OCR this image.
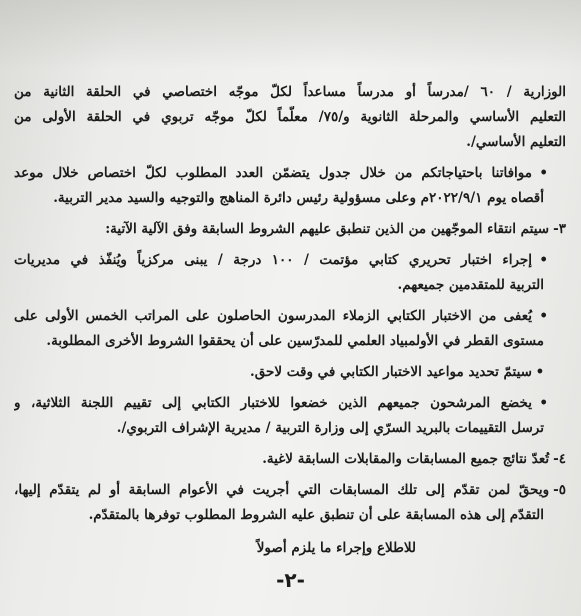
الوزارية / ٦٠ /مدرساً أو مدرساً مساعداً لكلّ موجّه اختصاصي في الحلقة الثانية من
التعليم الأساسي والمرحلة الثانوية و/٧٥/ معلّماً لكلّ موجّه تربوي في الحلقة الأولى من
التعليم الأساسي/.
•موافاتنا باحتياجاتكم من خلال جدول يتضمّن العدد المطلوب لكلّ اختصاص خلال موعد
أقصاه يوم ٢٠٢٢/٩/١م وعلى مسؤولية رئيس دائرة المناهج والتوجيه والسيد مدير التربية.
٣-سيتم انتقاء الموجّهين من الذين تنطبق عليهم الشروط السابقة وفق الآلية الآتية:
•إجراء اختبار تحريري كتابي مؤتمت / ١٠٠ درجة / يبنى مركزياً ويُنفّذ في مديريات
التربية للمتقدمين جميعهم.
•يُعفى من الاختبار الكتابي الزملاء المدرسون الحاصلون على المراتب الخمس الأولى على
مستوى القطر في الأولمبياد العلمي للمدرّسين على أن يحققوا الشروط الأخرى المطلوبة.
•سيتمّ تحديد مواعيد الاختبار الكتابي في وقت لاحق.
•يخضع المرشحون جميعهم الذين خضعوا للاختبار الكتابي إلى تقييم اللجنة الثلاثية، و
ترسل التقييمات بالبريد السرّي إلى وزارة التربية / مديرية الإشراف التربوي/.
٤-تُعدّ نتائج جميع المسابقات والمقابلات السابقة لاغية.
٥-ويحقّ لمن تقدّم إلى تلك المسابقات التي أجريت في الأعوام السابقة أو لم يتقدّم إليها،
التقدّم إلى هذه المسابقة على أن تنطبق عليه الشروط المطلوب توفرها بالمتقدّم.
للاطلاع وإجراء ما يلزم أصولاً
-٢-
